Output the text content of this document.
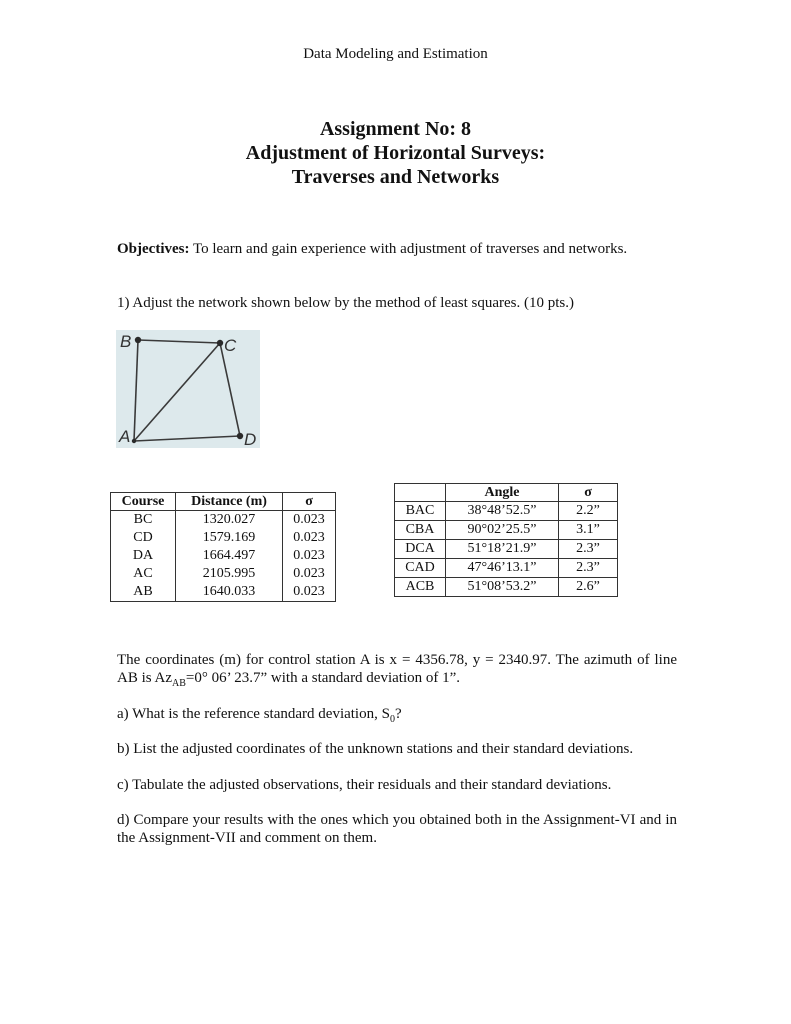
Data Modeling and Estimation
Assignment No: 8
Adjustment of Horizontal Surveys:
Traverses and Networks
Objectives: To learn and gain experience with adjustment of traverses and networks.
1) Adjust the network shown below by the method of least squares. (10 pts.)
B	C
A	D
Course	Distance (m)	σ
BC	1320.027	0.023
CD	1579.169	0.023
DA	1664.497	0.023
AC	2105.995	0.023
AB	1640.033	0.023
	Angle	σ
BAC	38°48’52.5”	2.2”
CBA	90°02’25.5”	3.1”
DCA	51°18’21.9”	2.3”
CAD	47°46’13.1”	2.3”
ACB	51°08’53.2”	2.6”
The coordinates (m) for control station A is x = 4356.78, y = 2340.97. The azimuth of line AB is $Az_{AB}=0^\circ$ 06’ 23.7” with a standard deviation of 1”.
a) What is the reference standard deviation, $S_0$?
b) List the adjusted coordinates of the unknown stations and their standard deviations.
c) Tabulate the adjusted observations, their residuals and their standard deviations.
d) Compare your results with the ones which you obtained both in the Assignment-VI and in the Assignment-VII and comment on them.
